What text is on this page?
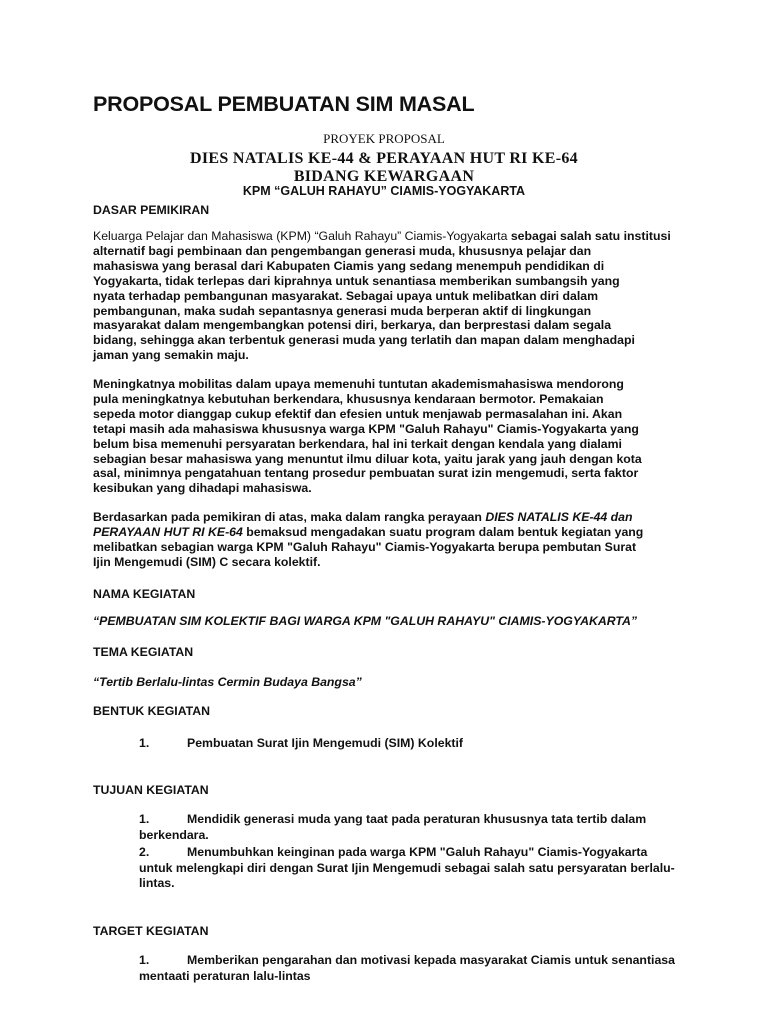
PROPOSAL PEMBUATAN SIM MASAL
PROYEK PROPOSAL
DIES NATALIS KE-44 & PERAYAAN HUT RI KE-64
BIDANG KEWARGAAN
KPM “GALUH RAHAYU” CIAMIS-YOGYAKARTA
DASAR PEMIKIRAN

Keluarga Pelajar dan Mahasiswa (KPM) “Galuh Rahayu” Ciamis-Yogyakarta sebagai salah satu institusi alternatif bagi pembinaan dan pengembangan generasi muda, khususnya pelajar dan
mahasiswa yang berasal dari Kabupaten Ciamis yang sedang menempuh pendidikan di
Yogyakarta, tidak terlepas dari kiprahnya untuk senantiasa memberikan sumbangsih yang
nyata terhadap pembangunan masyarakat. Sebagai upaya untuk melibatkan diri dalam
pembangunan, maka sudah sepantasnya generasi muda berperan aktif di lingkungan
masyarakat dalam mengembangkan potensi diri, berkarya, dan berprestasi dalam segala
bidang, sehingga akan terbentuk generasi muda yang terlatih dan mapan dalam menghadapi
jaman yang semakin maju.

Meningkatnya mobilitas dalam upaya memenuhi tuntutan akademismahasiswa mendorong
pula meningkatnya kebutuhan berkendara, khususnya kendaraan bermotor. Pemakaian
sepeda motor dianggap cukup efektif dan efesien untuk menjawab permasalahan ini. Akan
tetapi masih ada mahasiswa khususnya warga KPM "Galuh Rahayu" Ciamis-Yogyakarta yang
belum bisa memenuhi persyaratan berkendara, hal ini terkait dengan kendala yang dialami
sebagian besar mahasiswa yang menuntut ilmu diluar kota, yaitu jarak yang jauh dengan kota
asal, minimnya pengatahuan tentang prosedur pembuatan surat izin mengemudi, serta faktor
kesibukan yang dihadapi mahasiswa.

Berdasarkan pada pemikiran di atas, maka dalam rangka perayaan DIES NATALIS KE-44 dan
PERAYAAN HUT RI KE-64 bemaksud mengadakan suatu program dalam bentuk kegiatan yang
melibatkan sebagian warga KPM "Galuh Rahayu" Ciamis-Yogyakarta berupa pembutan Surat
Ijin Mengemudi (SIM) C secara kolektif.

NAMA KEGIATAN
“PEMBUATAN SIM KOLEKTIF BAGI WARGA KPM "GALUH RAHAYU" CIAMIS-YOGYAKARTA”
TEMA KEGIATAN
“Tertib Berlalu-lintas Cermin Budaya Bangsa”
BENTUK KEGIATAN

1.	Pembuatan Surat Ijin Mengemudi (SIM) Kolektif

TUJUAN KEGIATAN

1.	Mendidik generasi muda yang taat pada peraturan khususnya tata tertib dalam berkendara.

2.	Menumbuhkan keinginan pada warga KPM "Galuh Rahayu" Ciamis-Yogyakarta untuk melengkapi diri dengan Surat Ijin Mengemudi sebagai salah satu persyaratan berlalu-lintas.

TARGET KEGIATAN

1.	Memberikan pengarahan dan motivasi kepada masyarakat Ciamis untuk senantiasa mentaati peraturan lalu-lintas
